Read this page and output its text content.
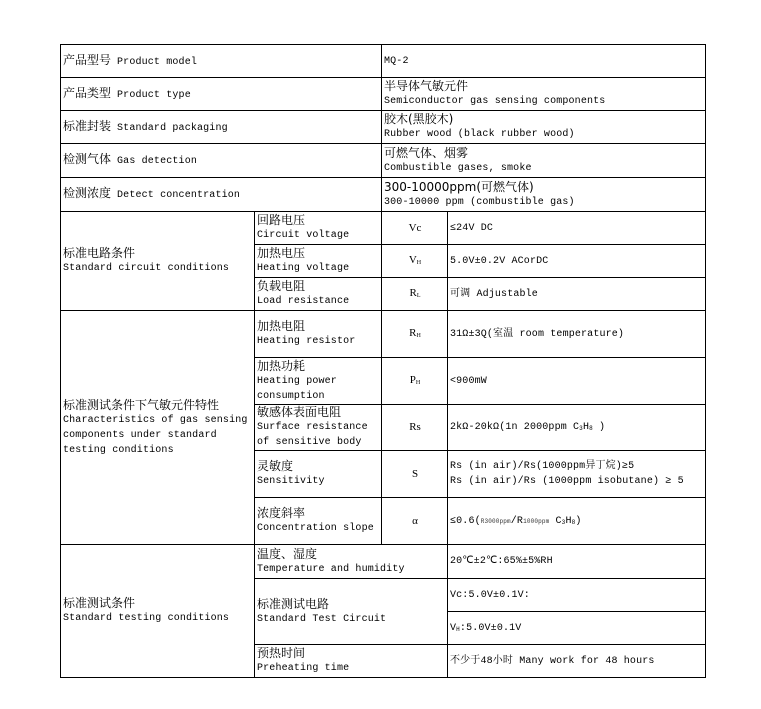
产品型号 Product model		MQ-2	
产品类型 Product type		半导体气敏元件
Semiconductor gas sensing components	

标准封装 Standard packaging		胶木(黑胶木)
Rubber wood (black rubber wood)	

检测气体 Gas detection		可燃气体、烟雾
Combustible gases, smoke	

检测浓度 Detect concentration		300-10000ppm(可燃气体)
300-10000 ppm (combustible gas)	

标准电路条件
Standard circuit conditions	回路电压
Circuit voltage	Vc	≤24V DC

	加热电压
Heating voltage	VH	5.0V±0.2V ACorDC

	负载电阻
Load resistance	RL	可调 Adjustable

标准测试条件下气敏元件特性
Characteristics of gas sensing
components under standard
testing conditions	加热电阻
Heating resistor	RH	31Ω±3Q(室温 room temperature)

	加热功耗
Heating power
consumption	PH	<900mW

	敏感体表面电阻
Surface resistance
of sensitive body	Rs	2kΩ-20kΩ(1n 2000ppm C3H8 )

	灵敏度
Sensitivity	S	Rs (in air)/Rs(1000ppm异丁烷)≥5
Rs (in air)/Rs (1000ppm isobutane) ≥ 5

	浓度斜率
Concentration slope	α	≤0.6(R3000ppm/R1000ppm C3H8)

标准测试条件
Standard testing conditions	温度、湿度
Temperature and humidity		20℃±2℃:65%±5%RH

	标准测试电路
Standard Test Circuit		Vc:5.0V±0.1V:
			VH:5.0V±0.1V

	预热时间
Preheating time		不少于48小时 Many work for 48 hours
